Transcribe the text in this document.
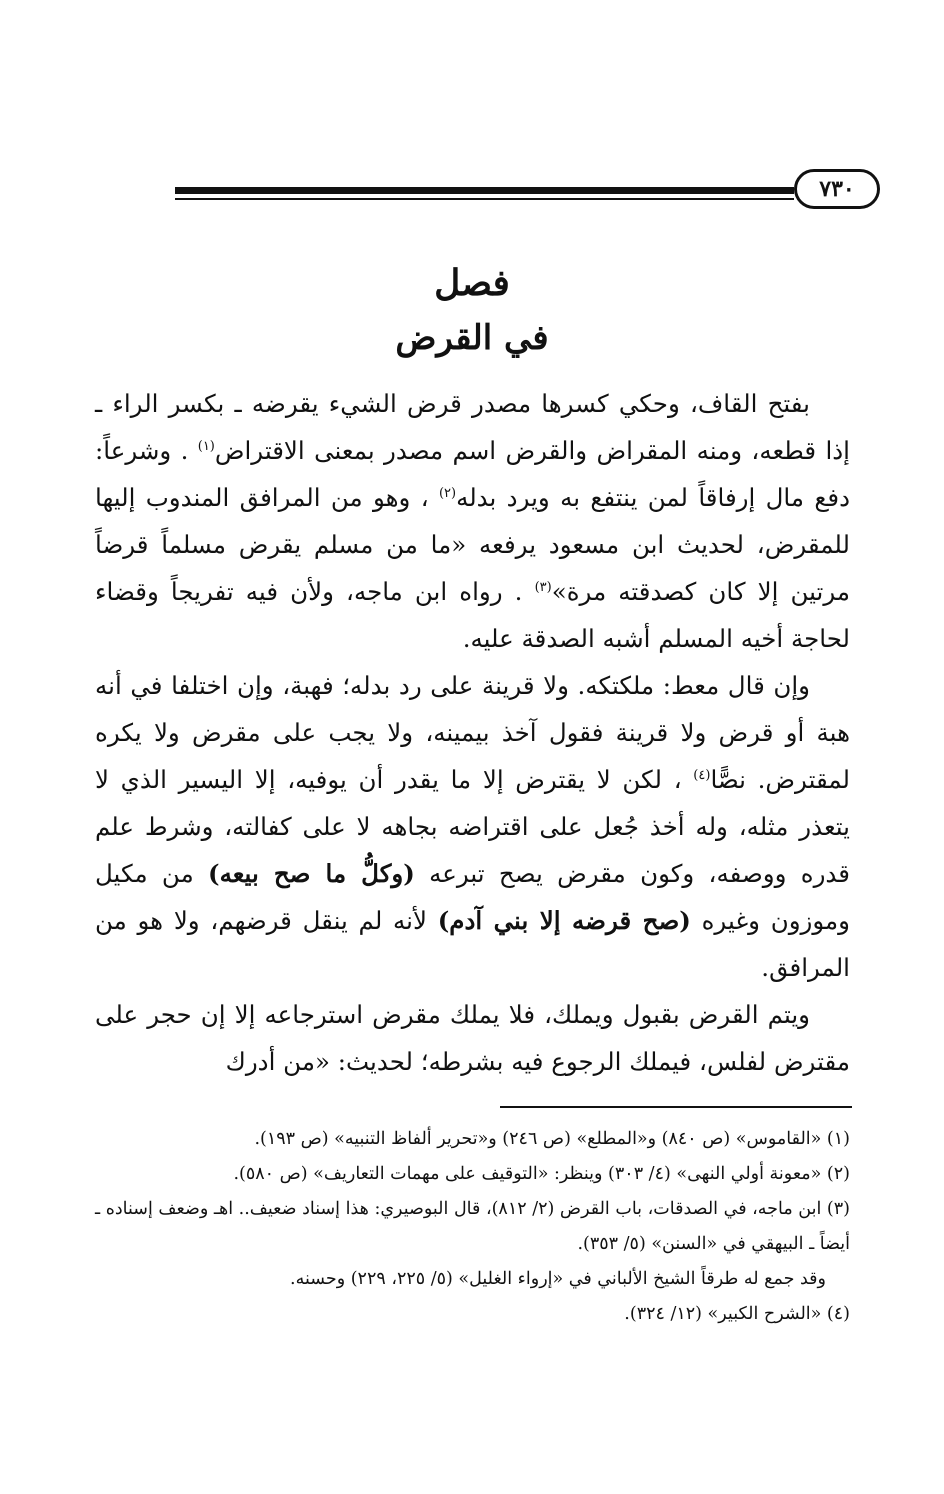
٧٣٠
فصل
في القرض

بفتح القاف، وحكي كسرها مصدر قرض الشيء يقرضه ـ بكسر الراء ـ إذا قطعه، ومنه المقراض والقرض اسم مصدر بمعنى الاقتراض$^{(١)}$ . وشرعاً: دفع مال إرفاقاً لمن ينتفع به ويرد بدله$^{(٢)}$ ، وهو من المرافق المندوب إليها للمقرض، لحديث ابن مسعود يرفعه «ما من مسلم يقرض مسلماً قرضاً مرتين إلا كان كصدقته مرة»$^{(٣)}$ . رواه ابن ماجه، ولأن فيه تفريجاً وقضاء لحاجة أخيه المسلم أشبه الصدقة عليه.

وإن قال معط: ملكتكه. ولا قرينة على رد بدله؛ فهبة، وإن اختلفا في أنه هبة أو قرض ولا قرينة فقول آخذ بيمينه، ولا يجب على مقرض ولا يكره لمقترض. نصًّا$^{(٤)}$ ، لكن لا يقترض إلا ما يقدر أن يوفيه، إلا اليسير الذي لا يتعذر مثله، وله أخذ جُعل على اقتراضه بجاهه لا على كفالته، وشرط علم قدره ووصفه، وكون مقرض يصح تبرعه (وكلُّ ما صح بيعه) من مكيل وموزون وغيره (صح قرضه إلا بني آدم) لأنه لم ينقل قرضهم، ولا هو من المرافق.

ويتم القرض بقبول ويملك، فلا يملك مقرض استرجاعه إلا إن حجر على مقترض لفلس، فيملك الرجوع فيه بشرطه؛ لحديث: «من أدرك

(١) «القاموس» (ص ٨٤٠) و«المطلع» (ص ٢٤٦) و«تحرير ألفاظ التنبيه» (ص ١٩٣).

(٢) «معونة أولي النهى» (٤/ ٣٠٣) وينظر: «التوقيف على مهمات التعاريف» (ص ٥٨٠).

(٣) ابن ماجه، في الصدقات، باب القرض (٢/ ٨١٢)، قال البوصيري: هذا إسناد ضعيف.. اهـ وضعف إسناده ـ أيضاً ـ البيهقي في «السنن» (٥/ ٣٥٣).

وقد جمع له طرقاً الشيخ الألباني في «إرواء الغليل» (٥/ ٢٢٥، ٢٢٩) وحسنه.

(٤) «الشرح الكبير» (١٢/ ٣٢٤).
